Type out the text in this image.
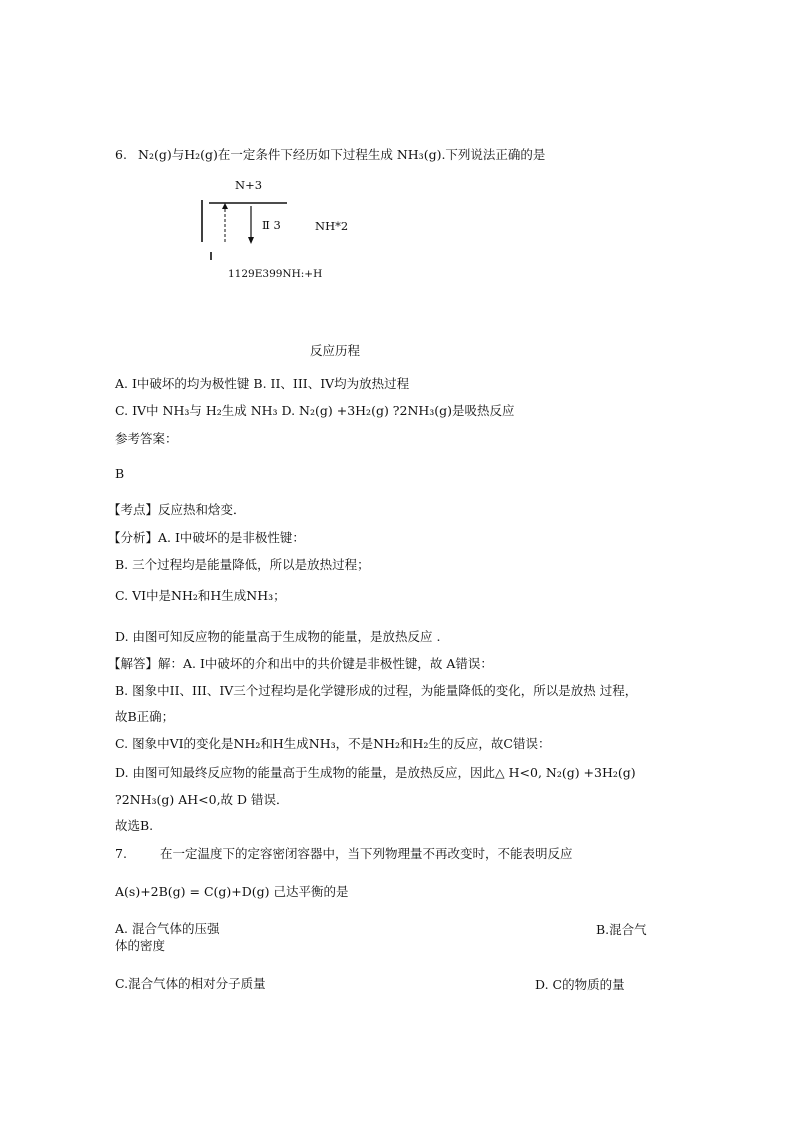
6. N₂(g)与H₂(g)在一定条件下经历如下过程生成 NH₃(g).下列说法正确的是
N+3
Ⅱ 3	NH*2
1129E399NH:+H
反应历程
A. I中破坏的均为极性键 B. II、III、IV均为放热过程
C. IV中 NH₃与 H₂生成 NH₃ D. N₂(g) +3H₂(g) ?2NH₃(g)是吸热反应
参考答案：
B
【考点】反应热和焓变．
【分析】A. I中破坏的是非极性键：
B. 三个过程均是能量降低，所以是放热过程；
C. VI中是NH₂和H生成NH₃；
D. 由图可知反应物的能量高于生成物的能量，是放热反应 .
【解答】解：A. I中破坏的介和出中的共价键是非极性键，故 A错误：
B. 图象中II、III、IV三个过程均是化学键形成的过程，为能量降低的变化，所以是放热 过程，
故B正确；
C. 图象中VI的变化是NH₂和H生成NH₃，不是NH₂和H₂生的反应，故C错误：
D. 由图可知最终反应物的能量高于生成物的能量，是放热反应，因此△ H<0, N₂(g) +3H₂(g)
?2NH₃(g) AH<0,故 D 错误．
故选B.
7.	在一定温度下的定容密闭容器中，当下列物理量不再改变时，不能表明反应
A(s)+2B(g) = C(g)+D(g) 己达平衡的是
A. 混合气体的压强	B.混合气
体的密度
C.混合气体的相对分子质量	D. C的物质的量
